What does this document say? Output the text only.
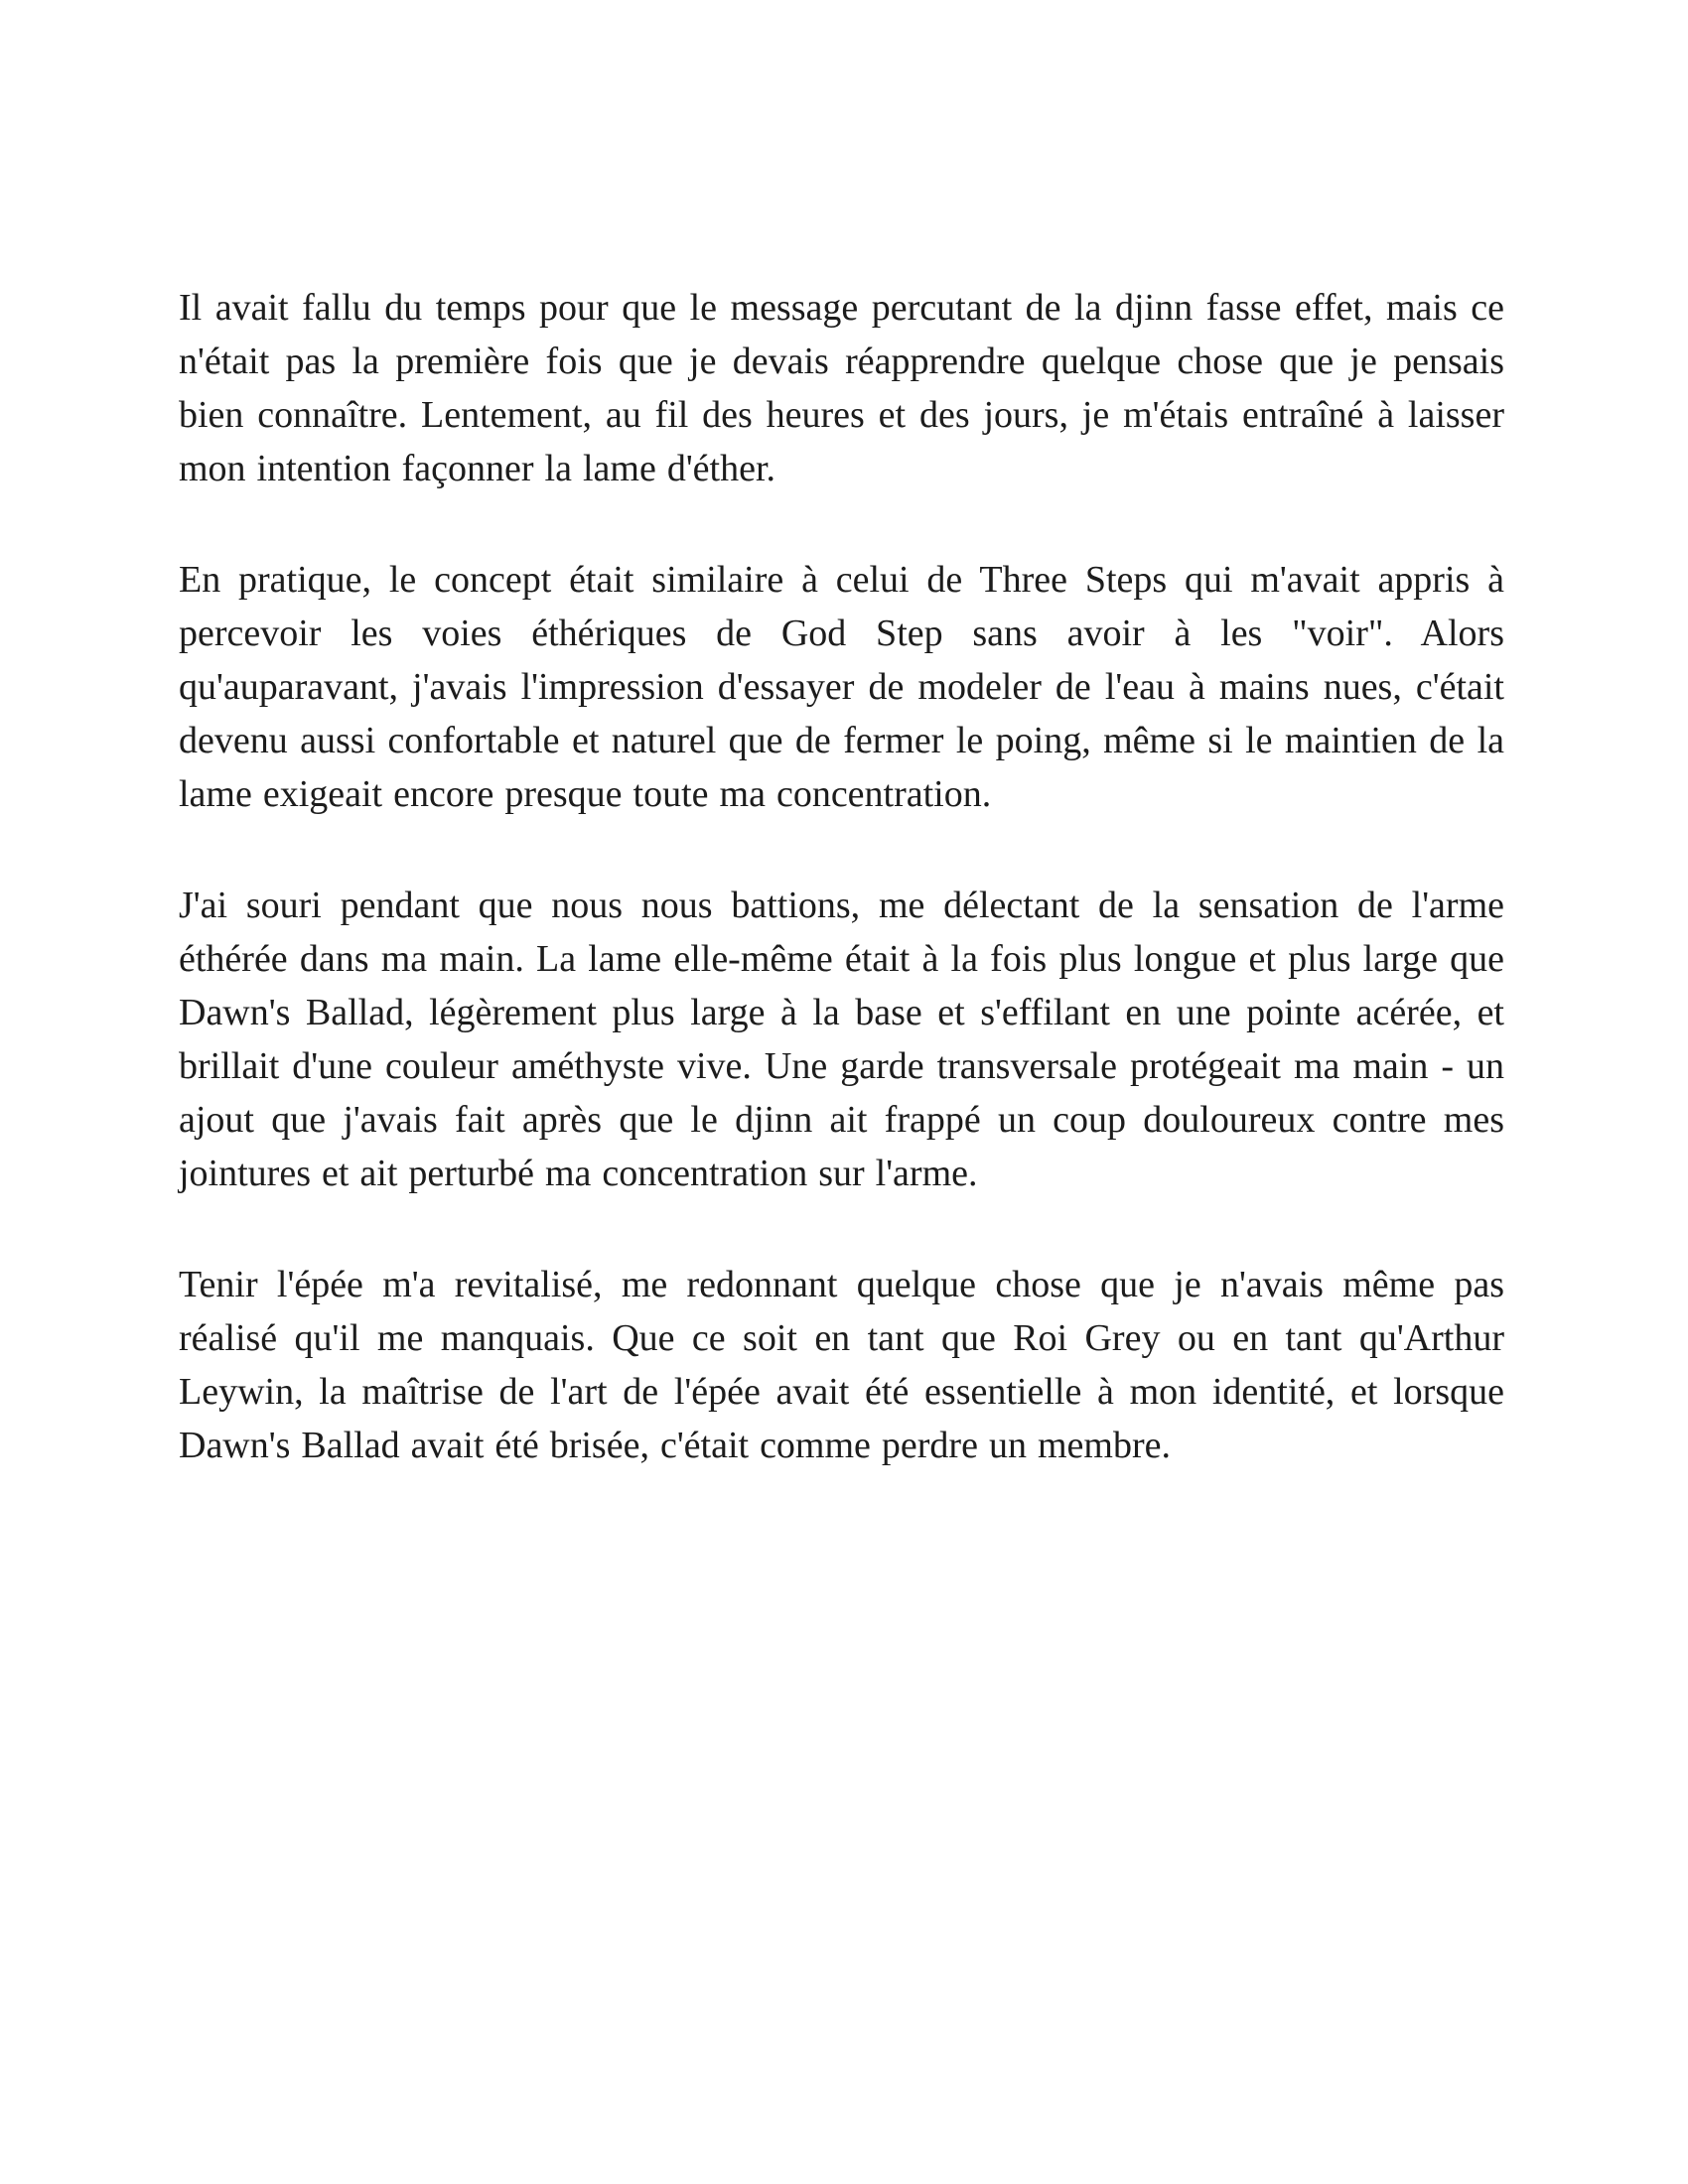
Il avait fallu du temps pour que le message percutant de la djinn fasse effet, mais ce n'était pas la première fois que je devais réapprendre quelque chose que je pensais bien connaître. Lentement, au fil des heures et des jours, je m'étais entraîné à laisser mon intention façonner la lame d'éther.

En pratique, le concept était similaire à celui de Three Steps qui m'avait appris à percevoir les voies éthériques de God Step sans avoir à les "voir". Alors qu'auparavant, j'avais l'impression d'essayer de modeler de l'eau à mains nues, c'était devenu aussi confortable et naturel que de fermer le poing, même si le maintien de la lame exigeait encore presque toute ma concentration.

J'ai souri pendant que nous nous battions, me délectant de la sensation de l'arme éthérée dans ma main. La lame elle-même était à la fois plus longue et plus large que Dawn's Ballad, légèrement plus large à la base et s'effilant en une pointe acérée, et brillait d'une couleur améthyste vive. Une garde transversale protégeait ma main - un ajout que j'avais fait après que le djinn ait frappé un coup douloureux contre mes jointures et ait perturbé ma concentration sur l'arme.

Tenir l'épée m'a revitalisé, me redonnant quelque chose que je n'avais même pas réalisé qu'il me manquais. Que ce soit en tant que Roi Grey ou en tant qu'Arthur Leywin, la maîtrise de l'art de l'épée avait été essentielle à mon identité, et lorsque Dawn's Ballad avait été brisée, c'était comme perdre un membre.
